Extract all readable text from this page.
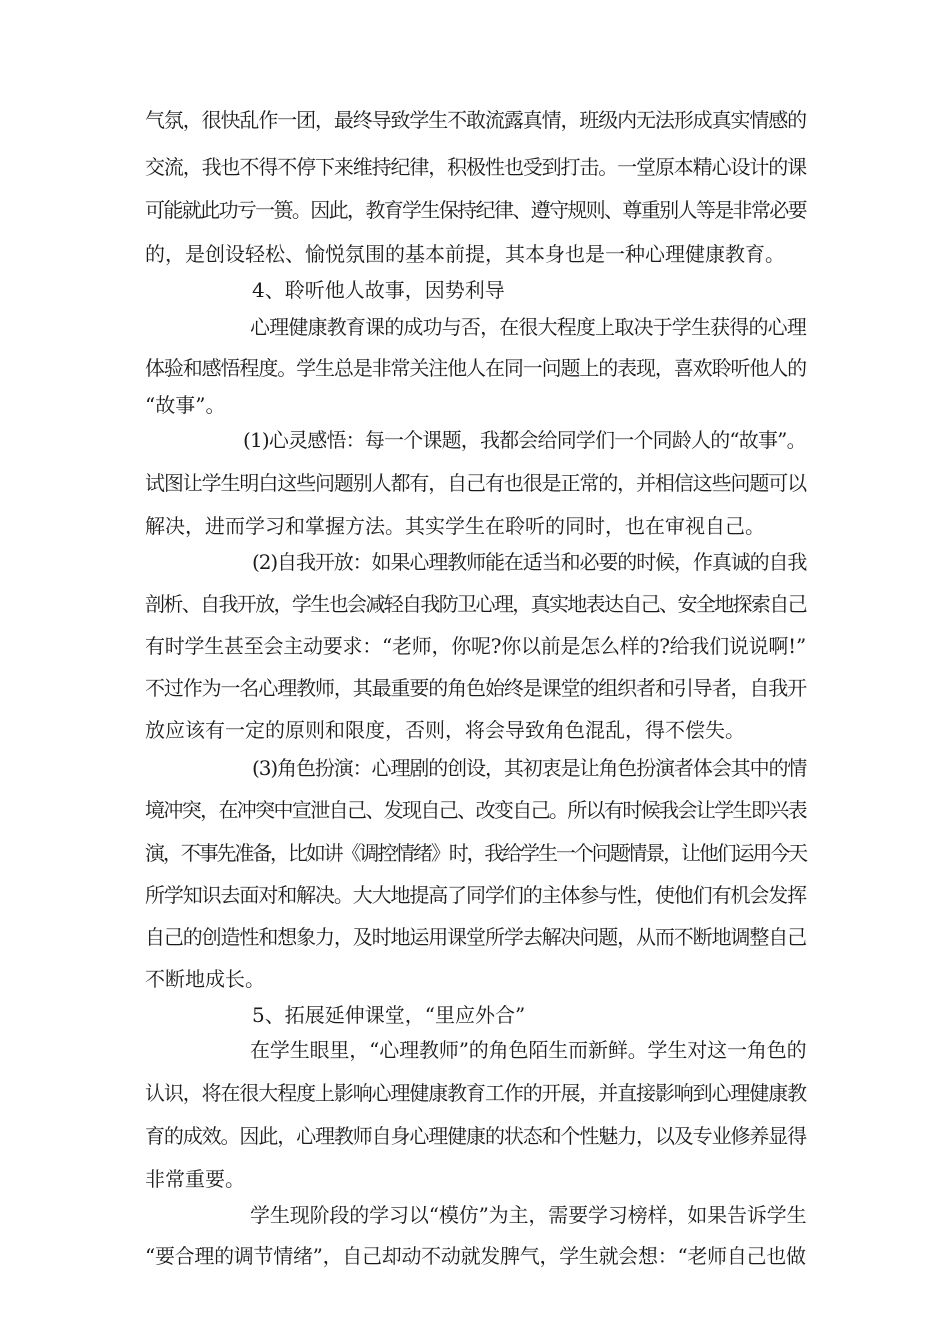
气氛，很快乱作一团，最终导致学生不敢流露真情，班级内无法形成真实情感的

交流，我也不得不停下来维持纪律，积极性也受到打击。一堂原本精心设计的课

可能就此功亏一篑。因此，教育学生保持纪律、遵守规则、尊重别人等是非常必要

的，是创设轻松、愉悦氛围的基本前提，其本身也是一种心理健康教育。

4、聆听他人故事，因势利导

心理健康教育课的成功与否，在很大程度上取决于学生获得的心理

体验和感悟程度。学生总是非常关注他人在同一问题上的表现，喜欢聆听他人的

“故事”。

(1)心灵感悟：每一个课题，我都会给同学们一个同龄人的“故事”。

试图让学生明白这些问题别人都有，自己有也很是正常的，并相信这些问题可以

解决，进而学习和掌握方法。其实学生在聆听的同时，也在审视自己。

(2)自我开放：如果心理教师能在适当和必要的时候，作真诚的自我

剖析、自我开放，学生也会减轻自我防卫心理，真实地表达自己、安全地探索自己

有时学生甚至会主动要求：“老师，你呢?你以前是怎么样的?给我们说说啊!”

不过作为一名心理教师，其最重要的角色始终是课堂的组织者和引导者，自我开

放应该有一定的原则和限度，否则，将会导致角色混乱，得不偿失。

(3)角色扮演：心理剧的创设，其初衷是让角色扮演者体会其中的情

境冲突，在冲突中宣泄自己、发现自己、改变自己。所以有时候我会让学生即兴表

演，不事先准备，比如讲《调控情绪》时，我给学生一个问题情景，让他们运用今天

所学知识去面对和解决。大大地提高了同学们的主体参与性，使他们有机会发挥

自己的创造性和想象力，及时地运用课堂所学去解决问题，从而不断地调整自己

不断地成长。

5、拓展延伸课堂，“里应外合”

在学生眼里，“心理教师”的角色陌生而新鲜。学生对这一角色的

认识，将在很大程度上影响心理健康教育工作的开展，并直接影响到心理健康教

育的成效。因此，心理教师自身心理健康的状态和个性魅力，以及专业修养显得

非常重要。

学生现阶段的学习以“模仿”为主，需要学习榜样，如果告诉学生

“要合理的调节情绪”，自己却动不动就发脾气，学生就会想：“老师自己也做
